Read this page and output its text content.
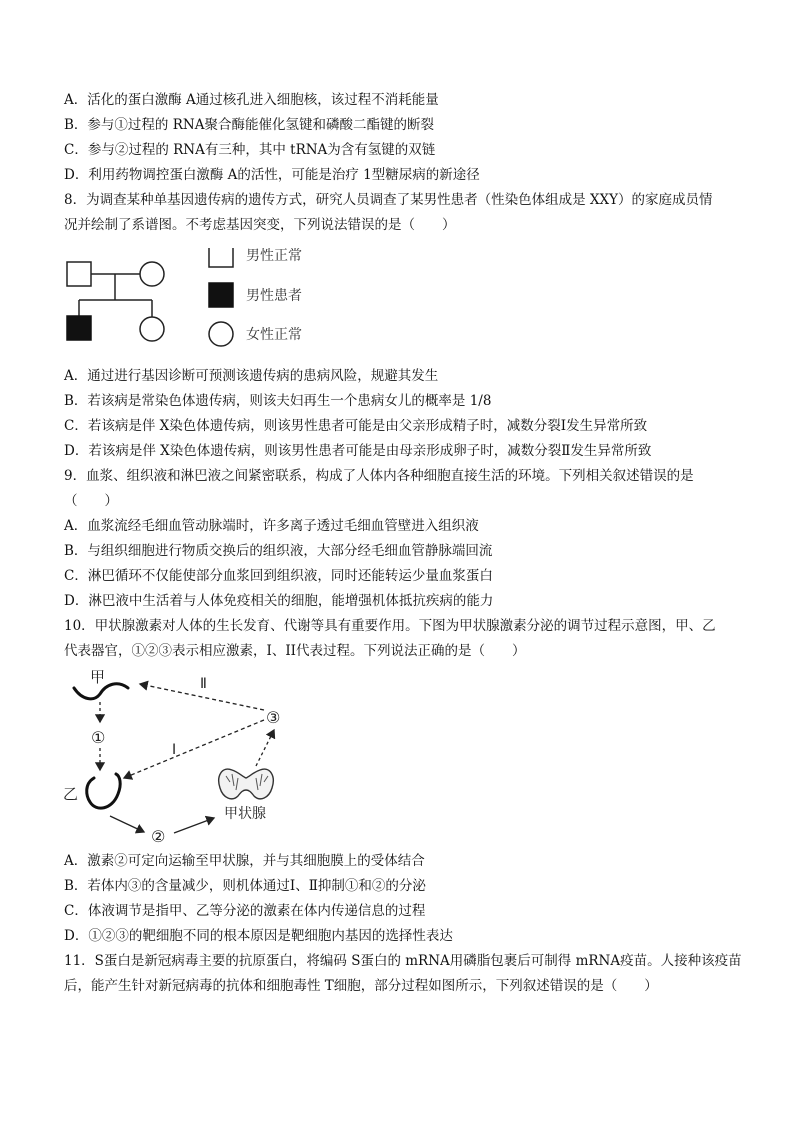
A．活化的蛋白激酶 A通过核孔进入细胞核，该过程不消耗能量
B．参与①过程的 RNA聚合酶能催化氢键和磷酸二酯键的断裂
C．参与②过程的 RNA有三种，其中 tRNA为含有氢键的双链
D．利用药物调控蛋白激酶 A的活性，可能是治疗 1型糖尿病的新途径
8．为调查某种单基因遗传病的遗传方式，研究人员调查了某男性患者（性染色体组成是 XXY）的家庭成员情
况并绘制了系谱图。不考虑基因突变，下列说法错误的是（　　）
男性正常
男性患者
女性正常
A．通过进行基因诊断可预测该遗传病的患病风险，规避其发生
B．若该病是常染色体遗传病，则该夫妇再生一个患病女儿的概率是 1/8
C．若该病是伴 X染色体遗传病，则该男性患者可能是由父亲形成精子时，减数分裂Ⅰ发生异常所致
D．若该病是伴 X染色体遗传病，则该男性患者可能是由母亲形成卵子时，减数分裂Ⅱ发生异常所致
9．血浆、组织液和淋巴液之间紧密联系，构成了人体内各种细胞直接生活的环境。下列相关叙述错误的是
（　　）
A．血浆流经毛细血管动脉端时，许多离子透过毛细血管壁进入组织液
B．与组织细胞进行物质交换后的组织液，大部分经毛细血管静脉端回流
C．淋巴循环不仅能使部分血浆回到组织液，同时还能转运少量血浆蛋白
D．淋巴液中生活着与人体免疫相关的细胞，能增强机体抵抗疾病的能力
10．甲状腺激素对人体的生长发育、代谢等具有重要作用。下图为甲状腺激素分泌的调节过程示意图，甲、乙
代表器官，①②③表示相应激素，I、II代表过程。下列说法正确的是（　　）
甲
①
乙
②
甲状腺
③
Ⅱ
Ⅰ
A．激素②可定向运输至甲状腺，并与其细胞膜上的受体结合
B．若体内③的含量减少，则机体通过Ⅰ、Ⅱ抑制①和②的分泌
C．体液调节是指甲、乙等分泌的激素在体内传递信息的过程
D．①②③的靶细胞不同的根本原因是靶细胞内基因的选择性表达
11．S蛋白是新冠病毒主要的抗原蛋白，将编码 S蛋白的 mRNA用磷脂包裹后可制得 mRNA疫苗。人接种该疫苗
后，能产生针对新冠病毒的抗体和细胞毒性 T细胞，部分过程如图所示，下列叙述错误的是（　　）
